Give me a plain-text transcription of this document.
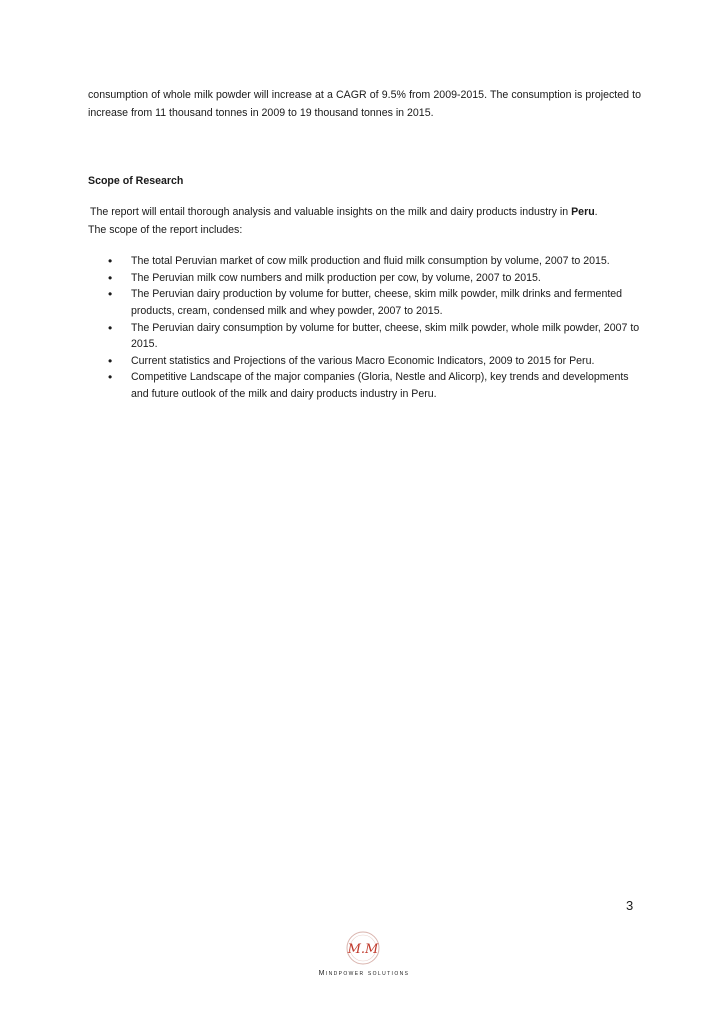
consumption of whole milk powder will increase at a CAGR of 9.5% from 2009-2015. The consumption is projected to increase from 11 thousand tonnes in 2009 to 19 thousand tonnes in 2015.

Scope of Research

The report will entail thorough analysis and valuable insights on the milk and dairy products industry in Peru.
The scope of the report includes:
•	The total Peruvian market of cow milk production and fluid milk consumption by volume, 2007 to 2015.
•	The Peruvian milk cow numbers and milk production per cow, by volume, 2007 to 2015.
•	The Peruvian dairy production by volume for butter, cheese, skim milk powder, milk drinks and fermented products, cream, condensed milk and whey powder, 2007 to 2015.
•	The Peruvian dairy consumption by volume for butter, cheese, skim milk powder, whole milk powder, 2007 to 2015.
•	Current statistics and Projections of the various Macro Economic Indicators, 2009 to 2015 for Peru.
•	Competitive Landscape of the major companies (Gloria, Nestle and Alicorp), key trends and developments and future outlook of the milk and dairy products industry in Peru.

3

M.M

Mindpower solutions
